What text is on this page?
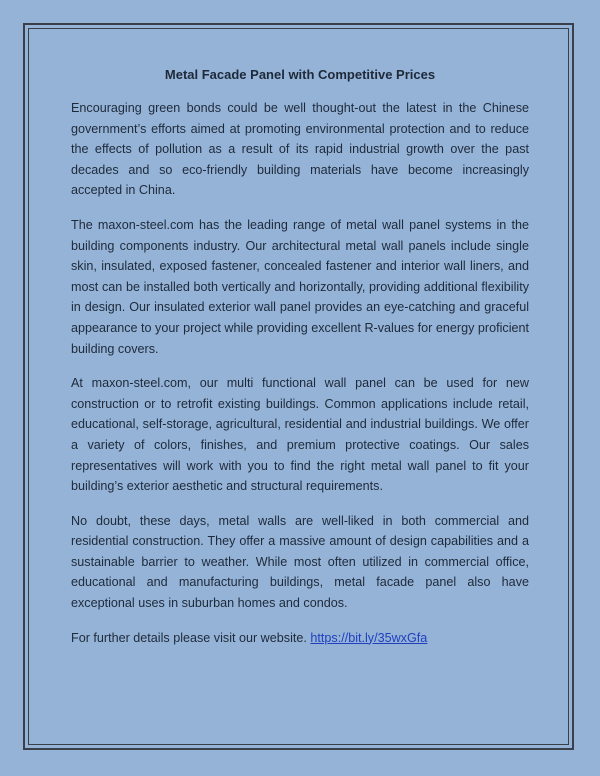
Metal Facade Panel with Competitive Prices

Encouraging green bonds could be well thought-out the latest in the Chinese government’s efforts aimed at promoting environmental protection and to reduce the effects of pollution as a result of its rapid industrial growth over the past decades and so eco-friendly building materials have become increasingly accepted in China.

The maxon-steel.com has the leading range of metal wall panel systems in the building components industry. Our architectural metal wall panels include single skin, insulated, exposed fastener, concealed fastener and interior wall liners, and most can be installed both vertically and horizontally, providing additional flexibility in design. Our insulated exterior wall panel provides an eye-catching and graceful appearance to your project while providing excellent R-values for energy proficient building covers.

At maxon-steel.com, our multi functional wall panel can be used for new construction or to retrofit existing buildings. Common applications include retail, educational, self-storage, agricultural, residential and industrial buildings. We offer a variety of colors, finishes, and premium protective coatings. Our sales representatives will work with you to find the right metal wall panel to fit your building’s exterior aesthetic and structural requirements.

No doubt, these days, metal walls are well-liked in both commercial and residential construction. They offer a massive amount of design capabilities and a sustainable barrier to weather. While most often utilized in commercial office, educational and manufacturing buildings, metal facade panel also have exceptional uses in suburban homes and condos.

For further details please visit our website. https://bit.ly/35wxGfa
